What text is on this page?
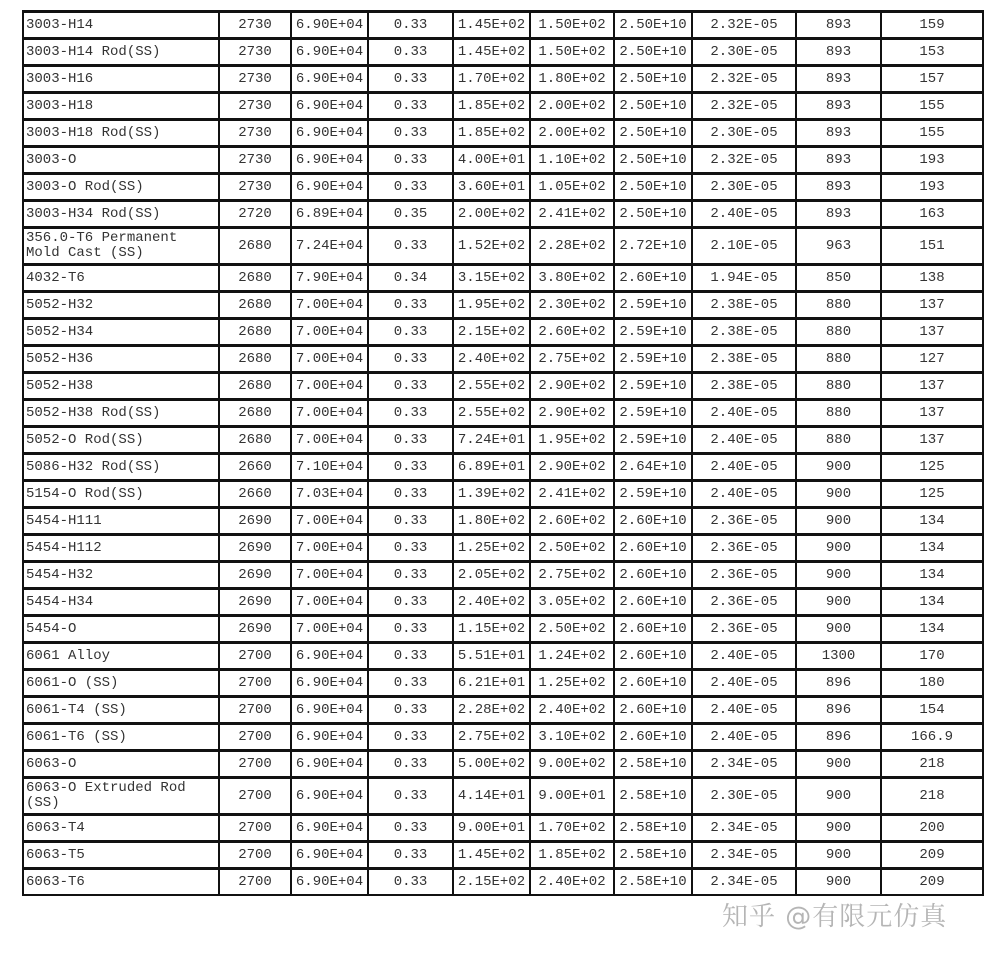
3003-H14	2730	6.90E+04	0.33	1.45E+02	1.50E+02	2.50E+10	2.32E-05	893	159
3003-H14 Rod(SS)	2730	6.90E+04	0.33	1.45E+02	1.50E+02	2.50E+10	2.30E-05	893	153
3003-H16	2730	6.90E+04	0.33	1.70E+02	1.80E+02	2.50E+10	2.32E-05	893	157
3003-H18	2730	6.90E+04	0.33	1.85E+02	2.00E+02	2.50E+10	2.32E-05	893	155
3003-H18 Rod(SS)	2730	6.90E+04	0.33	1.85E+02	2.00E+02	2.50E+10	2.30E-05	893	155
3003-O	2730	6.90E+04	0.33	4.00E+01	1.10E+02	2.50E+10	2.32E-05	893	193
3003-O Rod(SS)	2730	6.90E+04	0.33	3.60E+01	1.05E+02	2.50E+10	2.30E-05	893	193
3003-H34 Rod(SS)	2720	6.89E+04	0.35	2.00E+02	2.41E+02	2.50E+10	2.40E-05	893	163
356.0-T6 Permanent Mold Cast (SS)	2680	7.24E+04	0.33	1.52E+02	2.28E+02	2.72E+10	2.10E-05	963	151
4032-T6	2680	7.90E+04	0.34	3.15E+02	3.80E+02	2.60E+10	1.94E-05	850	138
5052-H32	2680	7.00E+04	0.33	1.95E+02	2.30E+02	2.59E+10	2.38E-05	880	137
5052-H34	2680	7.00E+04	0.33	2.15E+02	2.60E+02	2.59E+10	2.38E-05	880	137
5052-H36	2680	7.00E+04	0.33	2.40E+02	2.75E+02	2.59E+10	2.38E-05	880	127
5052-H38	2680	7.00E+04	0.33	2.55E+02	2.90E+02	2.59E+10	2.38E-05	880	137
5052-H38 Rod(SS)	2680	7.00E+04	0.33	2.55E+02	2.90E+02	2.59E+10	2.40E-05	880	137
5052-O Rod(SS)	2680	7.00E+04	0.33	7.24E+01	1.95E+02	2.59E+10	2.40E-05	880	137
5086-H32 Rod(SS)	2660	7.10E+04	0.33	6.89E+01	2.90E+02	2.64E+10	2.40E-05	900	125
5154-O Rod(SS)	2660	7.03E+04	0.33	1.39E+02	2.41E+02	2.59E+10	2.40E-05	900	125
5454-H111	2690	7.00E+04	0.33	1.80E+02	2.60E+02	2.60E+10	2.36E-05	900	134
5454-H112	2690	7.00E+04	0.33	1.25E+02	2.50E+02	2.60E+10	2.36E-05	900	134
5454-H32	2690	7.00E+04	0.33	2.05E+02	2.75E+02	2.60E+10	2.36E-05	900	134
5454-H34	2690	7.00E+04	0.33	2.40E+02	3.05E+02	2.60E+10	2.36E-05	900	134
5454-O	2690	7.00E+04	0.33	1.15E+02	2.50E+02	2.60E+10	2.36E-05	900	134
6061 Alloy	2700	6.90E+04	0.33	5.51E+01	1.24E+02	2.60E+10	2.40E-05	1300	170
6061-O (SS)	2700	6.90E+04	0.33	6.21E+01	1.25E+02	2.60E+10	2.40E-05	896	180
6061-T4 (SS)	2700	6.90E+04	0.33	2.28E+02	2.40E+02	2.60E+10	2.40E-05	896	154
6061-T6 (SS)	2700	6.90E+04	0.33	2.75E+02	3.10E+02	2.60E+10	2.40E-05	896	166.9
6063-O	2700	6.90E+04	0.33	5.00E+02	9.00E+02	2.58E+10	2.34E-05	900	218
6063-O Extruded Rod (SS)	2700	6.90E+04	0.33	4.14E+01	9.00E+01	2.58E+10	2.30E-05	900	218
6063-T4	2700	6.90E+04	0.33	9.00E+01	1.70E+02	2.58E+10	2.34E-05	900	200
6063-T5	2700	6.90E+04	0.33	1.45E+02	1.85E+02	2.58E+10	2.34E-05	900	209
6063-T6	2700	6.90E+04	0.33	2.15E+02	2.40E+02	2.58E+10	2.34E-05	900	209
知乎 @有限元仿真
